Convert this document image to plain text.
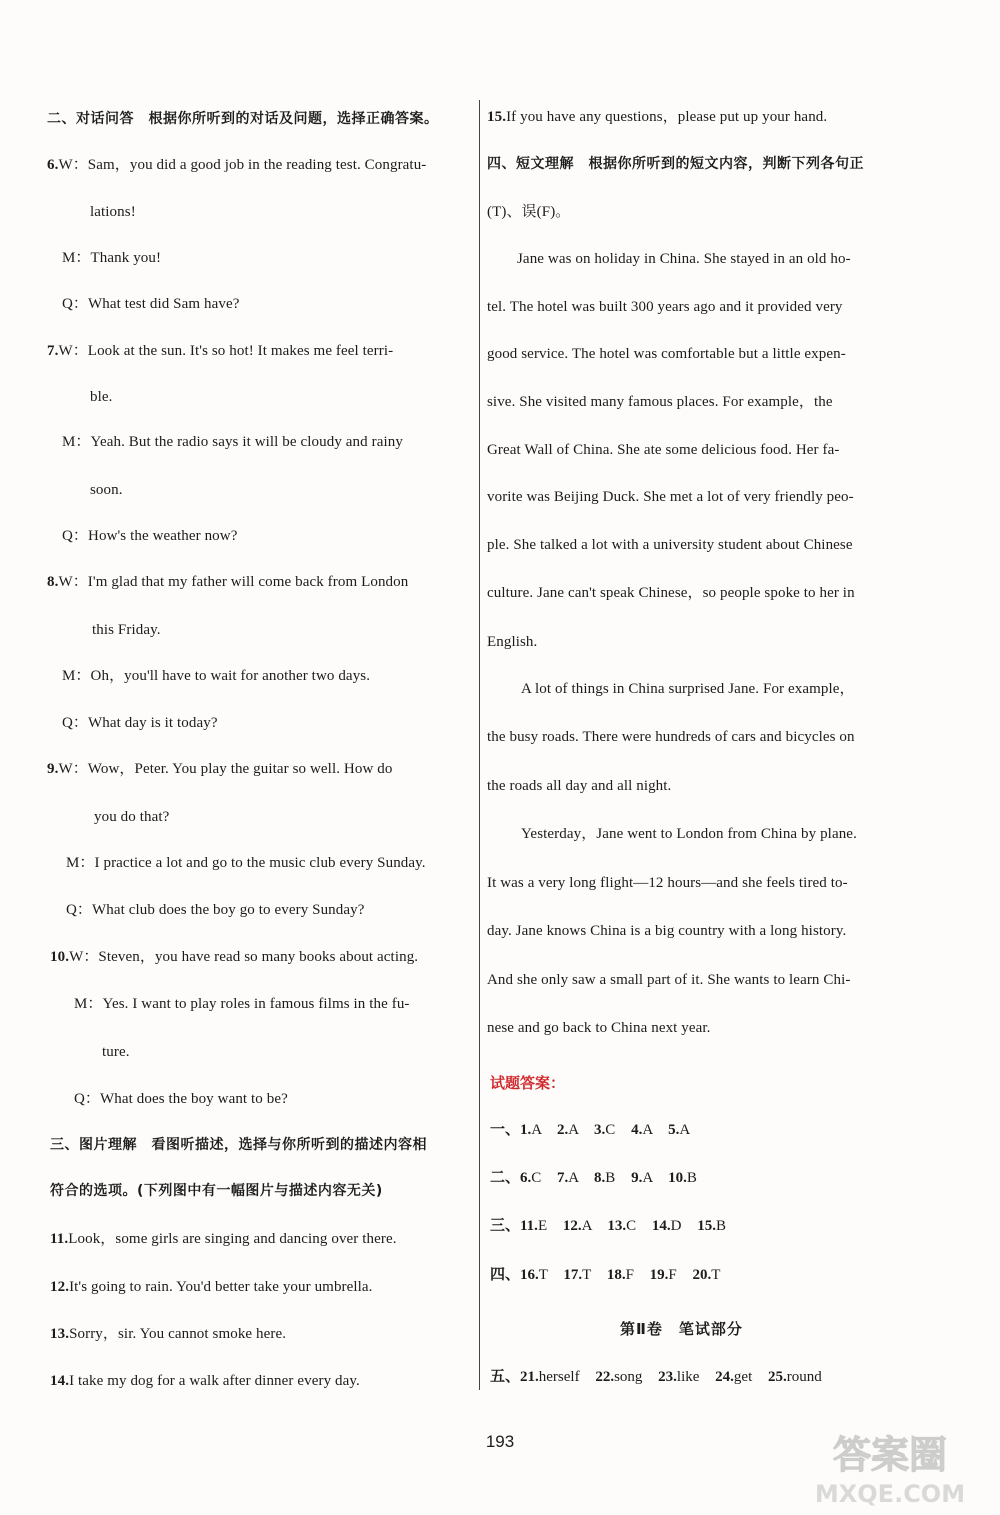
二、对话问答　根据你所听到的对话及问题，选择正确答案。
6.W：Sam，you did a good job in the reading test. Congratu-
lations!
M：Thank you!
Q：What test did Sam have?
7.W：Look at the sun. It's so hot! It makes me feel terri-
ble.
M：Yeah. But the radio says it will be cloudy and rainy
soon.
Q：How's the weather now?
8.W：I'm glad that my father will come back from London
this Friday.
M：Oh，you'll have to wait for another two days.
Q：What day is it today?
9.W：Wow，Peter. You play the guitar so well. How do
you do that?
M：I practice a lot and go to the music club every Sunday.
Q：What club does the boy go to every Sunday?
10.W：Steven，you have read so many books about acting.
M：Yes. I want to play roles in famous films in the fu-
ture.
Q：What does the boy want to be?
三、图片理解　看图听描述，选择与你所听到的描述内容相
符合的选项。(下列图中有一幅图片与描述内容无关)
11.Look，some girls are singing and dancing over there.
12.It's going to rain. You'd better take your umbrella.
13.Sorry，sir. You cannot smoke here.
14.I take my dog for a walk after dinner every day.
15.If you have any questions，please put up your hand.
四、短文理解　根据你所听到的短文内容，判断下列各句正
(T)、误(F)。
Jane was on holiday in China. She stayed in an old ho-
tel. The hotel was built 300 years ago and it provided very
good service. The hotel was comfortable but a little expen-
sive. She visited many famous places. For example，the
Great Wall of China. She ate some delicious food. Her fa-
vorite was Beijing Duck. She met a lot of very friendly peo-
ple. She talked a lot with a university student about Chinese
culture. Jane can't speak Chinese，so people spoke to her in
English.
A lot of things in China surprised Jane. For example，
the busy roads. There were hundreds of cars and bicycles on
the roads all day and all night.
Yesterday，Jane went to London from China by plane.
It was a very long flight—12 hours—and she feels tired to-
day. Jane knows China is a big country with a long history.
And she only saw a small part of it. She wants to learn Chi-
nese and go back to China next year.
试题答案：
一、1.A 2.A 3.C 4.A 5.A
二、6.C 7.A 8.B 9.A 10.B
三、11.E 12.A 13.C 14.D 15.B
四、16.T 17.T 18.F 19.F 20.T
第Ⅱ卷　笔试部分
五、21.herself 22.song 23.like 24.get 25.round
193	答案圈
MXQE.COM
